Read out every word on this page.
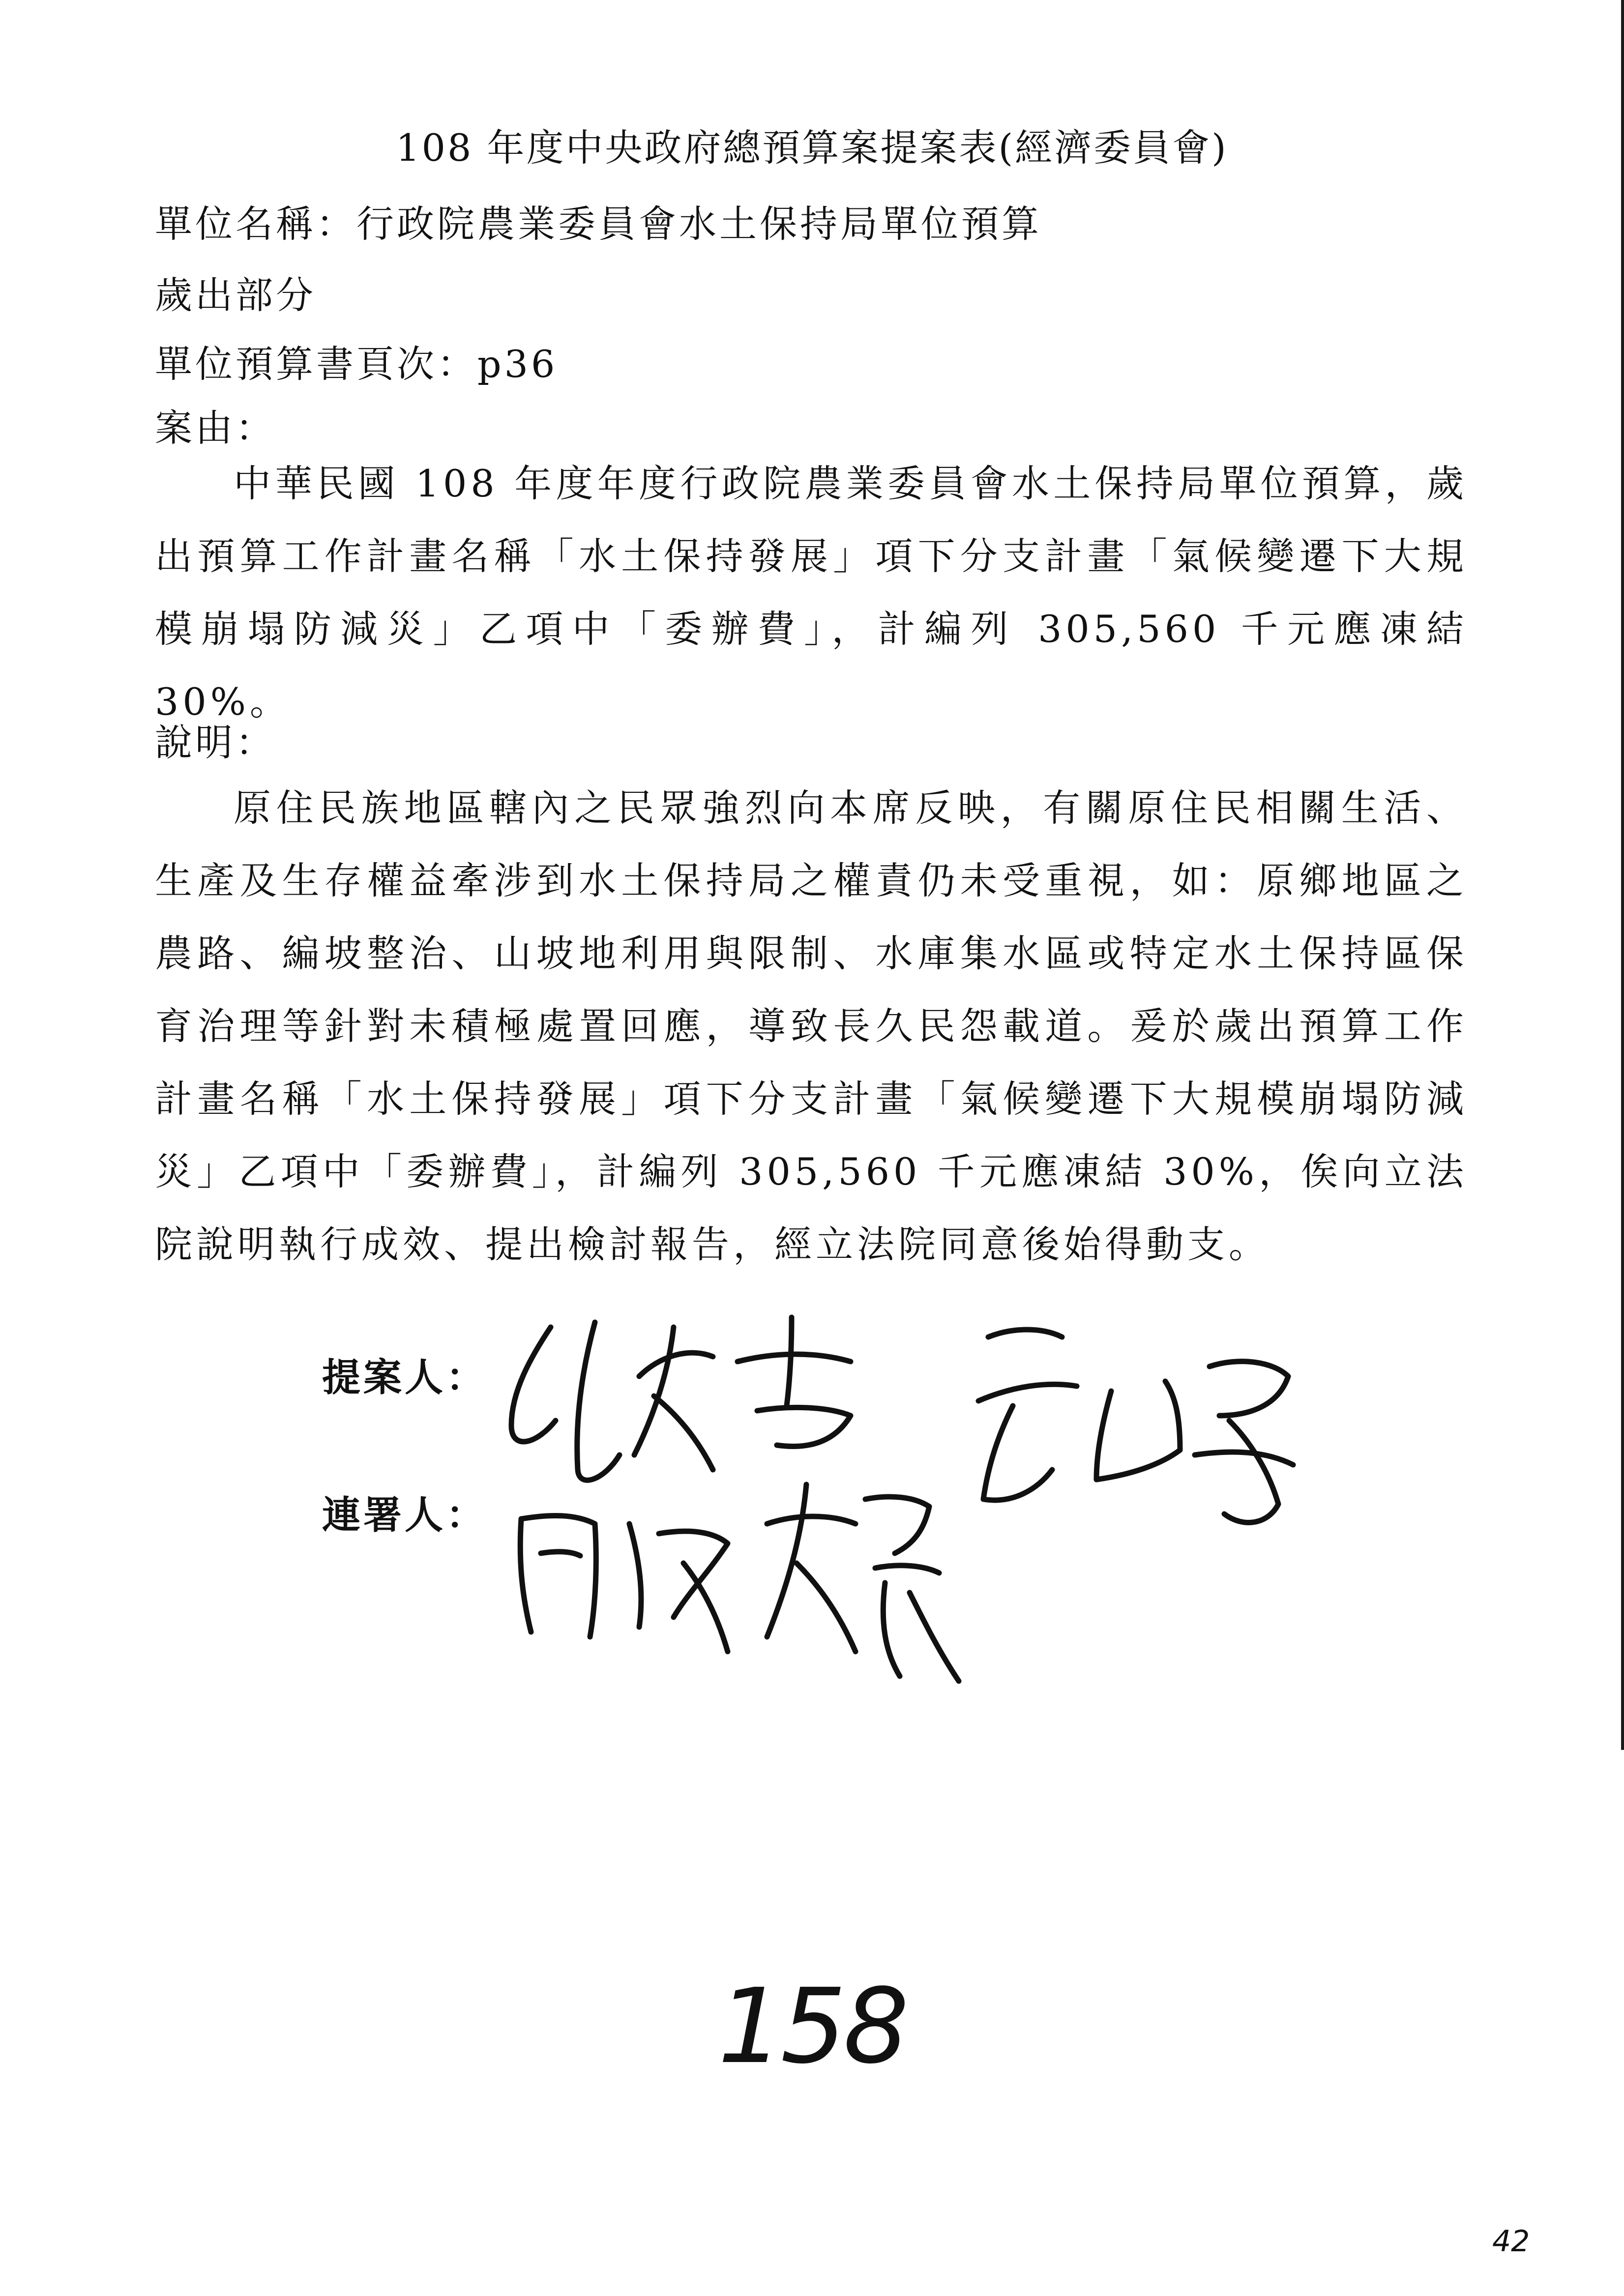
108 年度中央政府總預算案提案表(經濟委員會)
單位名稱：行政院農業委員會水土保持局單位預算
歲出部分
單位預算書頁次：p36
案由：

中華民國 108 年度年度行政院農業委員會水土保持局單位預算，歲出預算工作計畫名稱「水土保持發展」項下分支計畫「氣候變遷下大規模崩塌防減災」乙項中「委辦費」，計編列 305,560 千元應凍結 30%。

說明：

原住民族地區轄內之民眾強烈向本席反映，有關原住民相關生活、生產及生存權益牽涉到水土保持局之權責仍未受重視，如：原鄉地區之農路、編坡整治、山坡地利用與限制、水庫集水區或特定水土保持區保育治理等針對未積極處置回應，導致長久民怨載道。爰於歲出預算工作計畫名稱「水土保持發展」項下分支計畫「氣候變遷下大規模崩塌防減災」乙項中「委辦費」，計編列 305,560 千元應凍結 30%，俟向立法院說明執行成效、提出檢討報告，經立法院同意後始得動支。

提案人：
連署人：
158
42
